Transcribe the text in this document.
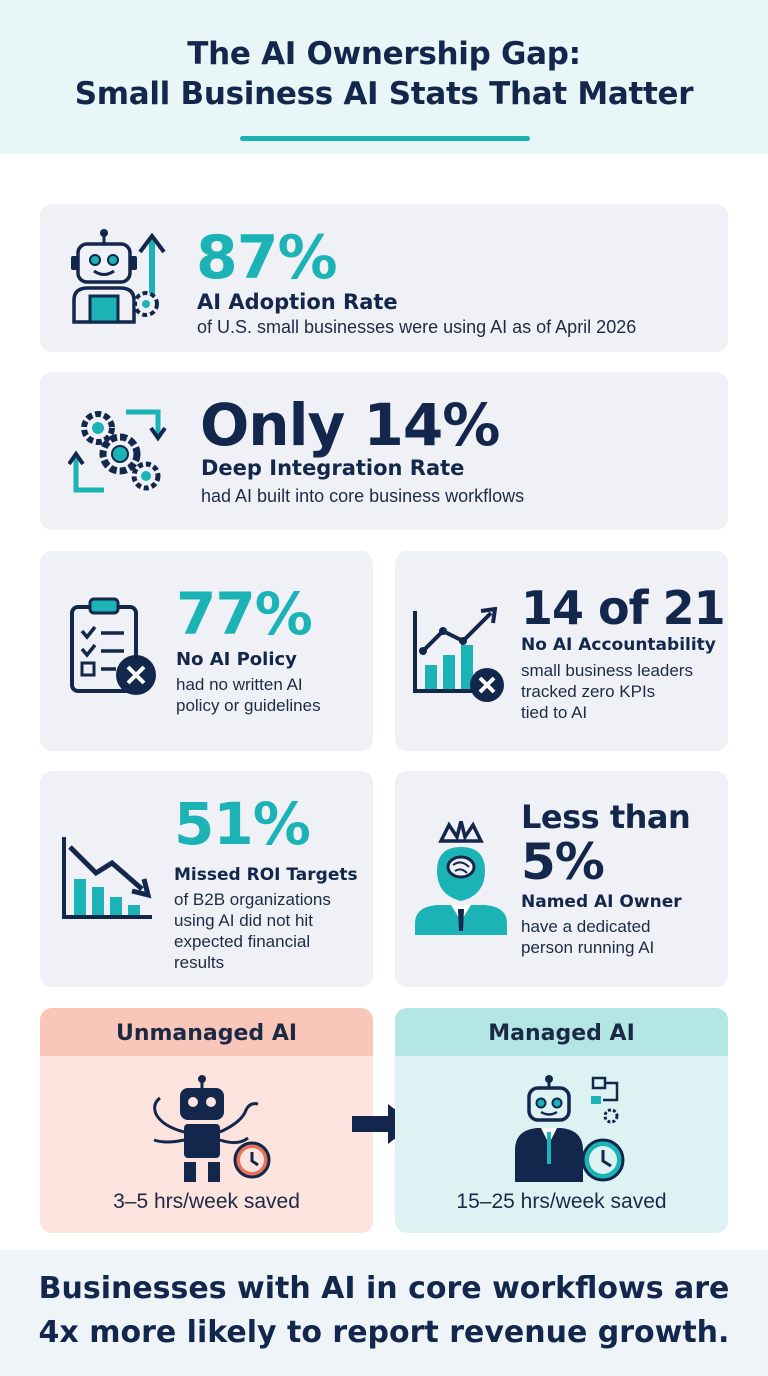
The AI Ownership Gap:
Small Business AI Stats That Matter
87%
AI Adoption Rate
of U.S. small businesses were using AI as of April 2026
Only 14%
Deep Integration Rate
had AI built into core business workflows
77%
No AI Policy
had no written AI
policy or guidelines
14 of 21
No AI Accountability
small business leaders
tracked zero KPIs
tied to AI
51%
Missed ROI Targets
of B2B organizations
using AI did not hit
expected financial
results
Less than
5%
Named AI Owner
have a dedicated
person running AI
Unmanaged AI
3–5 hrs/week saved
Managed AI
15–25 hrs/week saved

Businesses with AI in core workflows are
4x more likely to report revenue growth.
